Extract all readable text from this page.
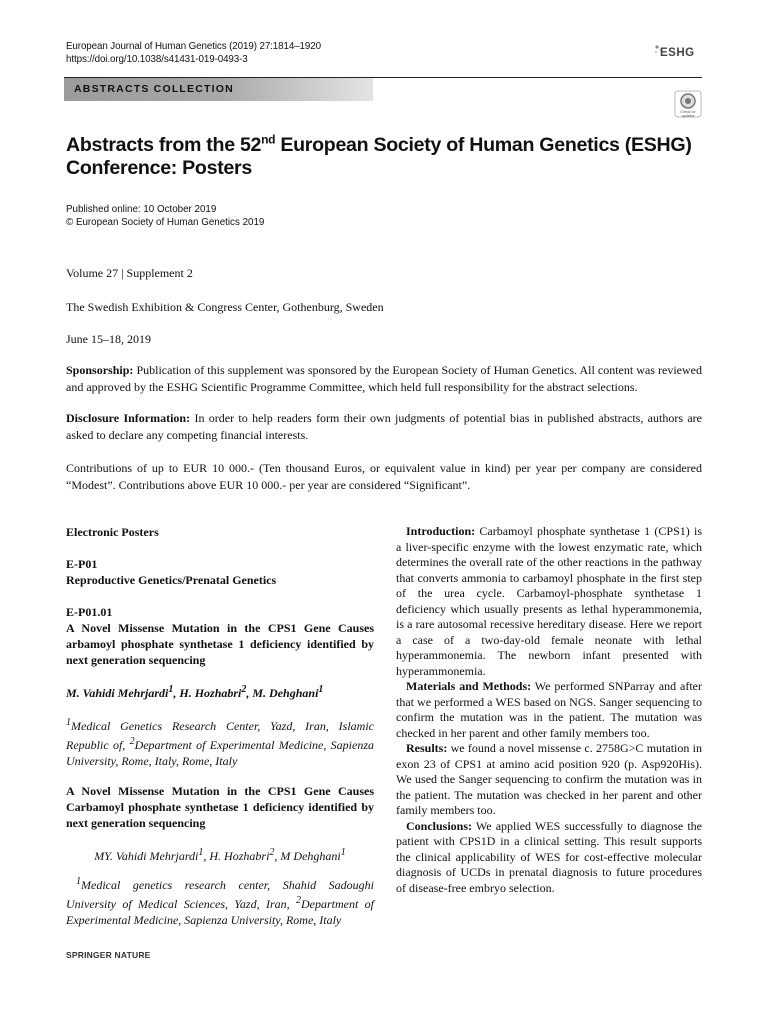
European Journal of Human Genetics (2019) 27:1814–1920
https://doi.org/10.1038/s41431-019-0493-3
ESHG
ABSTRACTS COLLECTION
Check for updates
Abstracts from the 52nd European Society of Human Genetics (ESHG) Conference: Posters
Published online: 10 October 2019
© European Society of Human Genetics 2019
Volume 27 | Supplement 2
The Swedish Exhibition & Congress Center, Gothenburg, Sweden
June 15–18, 2019
Sponsorship: Publication of this supplement was sponsored by the European Society of Human Genetics. All content was reviewed and approved by the ESHG Scientific Programme Committee, which held full responsibility for the abstract selections.
Disclosure Information: In order to help readers form their own judgments of potential bias in published abstracts, authors are asked to declare any competing financial interests.
Contributions of up to EUR 10 000.- (Ten thousand Euros, or equivalent value in kind) per year per company are considered “Modest”. Contributions above EUR 10 000.- per year are considered “Significant”.
Electronic Posters
E-P01
Reproductive Genetics/Prenatal Genetics
E-P01.01
A Novel Missense Mutation in the CPS1 Gene Causes arbamoyl phosphate synthetase 1 deficiency identified by next generation sequencing
M. Vahidi Mehrjardi$^1$, H. Hozhabri$^2$, M. Dehghani$^1$
$^1$Medical Genetics Research Center, Yazd, Iran, Islamic Republic of, $^2$Department of Experimental Medicine, Sapienza University, Rome, Italy, Rome, Italy
A Novel Missense Mutation in the CPS1 Gene Causes Carbamoyl phosphate synthetase 1 deficiency identified by next generation sequencing
MY. Vahidi Mehrjardi$^1$, H. Hozhabri$^2$, M Dehghani$^1$
$^1$Medical genetics research center, Shahid Sadoughi University of Medical Sciences, Yazd, Iran, $^2$Department of Experimental Medicine, Sapienza University, Rome, Italy

Introduction: Carbamoyl phosphate synthetase 1 (CPS1) is a liver-specific enzyme with the lowest enzymatic rate, which determines the overall rate of the other reactions in the pathway that converts ammonia to carbamoyl phosphate in the first step of the urea cycle. Carbamoyl-phosphate synthetase 1 deficiency which usually presents as lethal hyperammonemia, is a rare autosomal recessive hereditary disease. Here we report a case of a two-day-old female neonate with lethal hyperammonemia. The newborn infant presented with hyperammonemia.

Materials and Methods: We performed SNParray and after that we performed a WES based on NGS. Sanger sequencing to confirm the mutation was in the patient. The mutation was checked in her parent and other family members too.

Results: we found a novel missense c. 2758G>C mutation in exon 23 of CPS1 at amino acid position 920 (p. Asp920His). We used the Sanger sequencing to confirm the mutation was in the patient. The mutation was checked in her parent and other family members too.

Conclusions: We applied WES successfully to diagnose the patient with CPS1D in a clinical setting. This result supports the clinical applicability of WES for cost-effective molecular diagnosis of UCDs in prenatal diagnosis to future procedures of disease-free embryo selection.

SPRINGER NATURE
